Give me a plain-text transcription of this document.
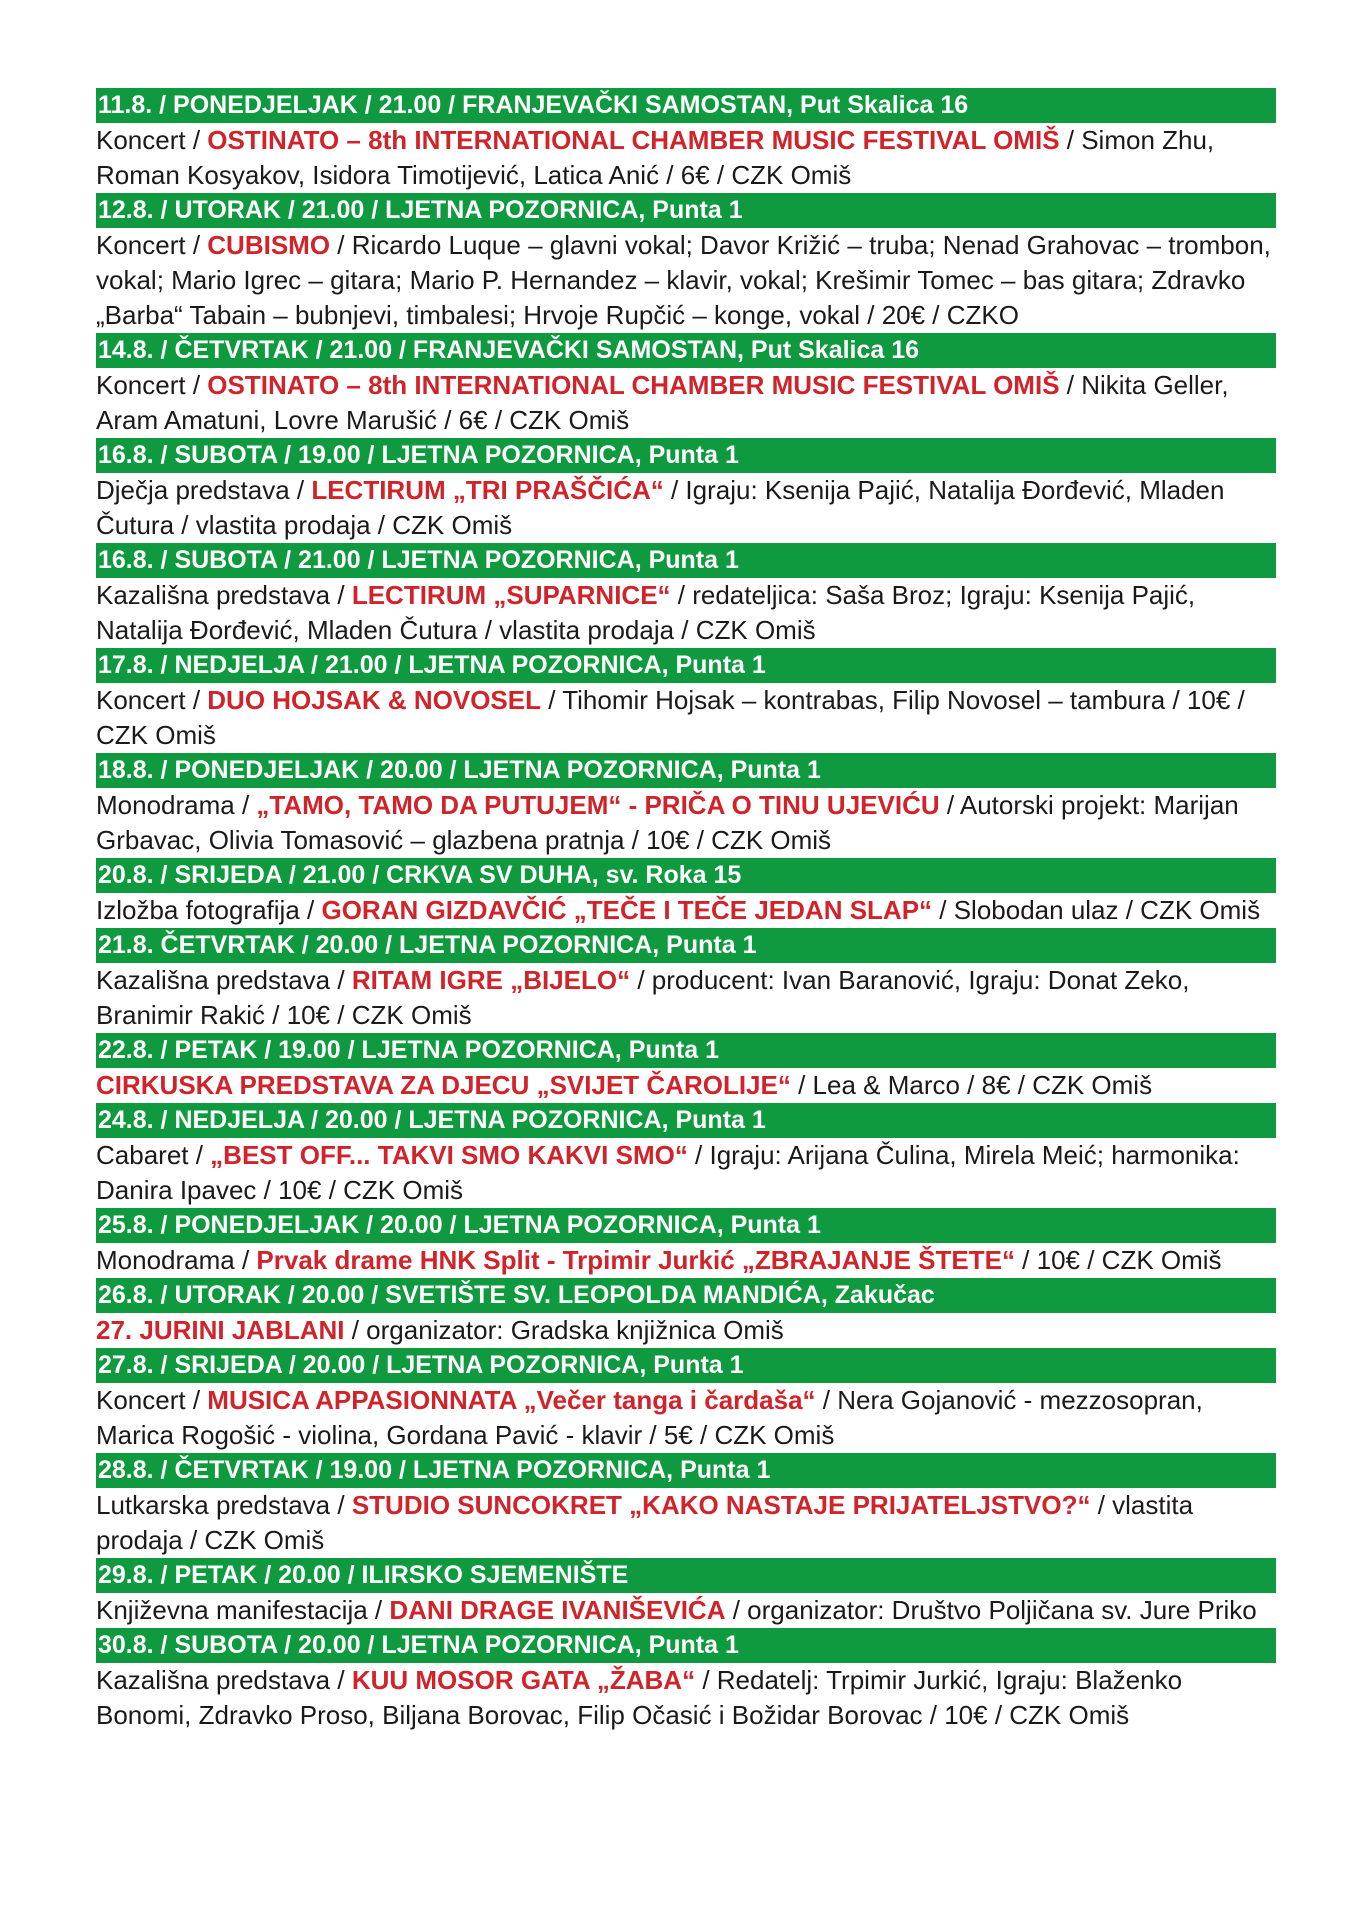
11.8. / PONEDJELJAK / 21.00 / FRANJEVAČKI SAMOSTAN, Put Skalica 16

Koncert / OSTINATO – 8th INTERNATIONAL CHAMBER MUSIC FESTIVAL OMIŠ / Simon Zhu, Roman Kosyakov, Isidora Timotijević, Latica Anić / 6€ / CZK Omiš

12.8. / UTORAK / 21.00 / LJETNA POZORNICA, Punta 1

Koncert / CUBISMO / Ricardo Luque – glavni vokal; Davor Križić – truba; Nenad Grahovac – trombon, vokal; Mario Igrec – gitara; Mario P. Hernandez – klavir, vokal; Krešimir Tomec – bas gitara; Zdravko „Barba“ Tabain – bubnjevi, timbalesi; Hrvoje Rupčić – konge, vokal / 20€ / CZKO

14.8. / ČETVRTAK / 21.00 / FRANJEVAČKI SAMOSTAN, Put Skalica 16

Koncert / OSTINATO – 8th INTERNATIONAL CHAMBER MUSIC FESTIVAL OMIŠ / Nikita Geller, Aram Amatuni, Lovre Marušić / 6€ / CZK Omiš

16.8. / SUBOTA / 19.00 / LJETNA POZORNICA, Punta 1

Dječja predstava / LECTIRUM „TRI PRAŠČIĆA“ / Igraju: Ksenija Pajić, Natalija Đorđević, Mladen Čutura / vlastita prodaja / CZK Omiš

16.8. / SUBOTA / 21.00 / LJETNA POZORNICA, Punta 1

Kazališna predstava / LECTIRUM „SUPARNICE“ / redateljica: Saša Broz; Igraju: Ksenija Pajić, Natalija Đorđević, Mladen Čutura / vlastita prodaja / CZK Omiš

17.8. / NEDJELJA / 21.00 / LJETNA POZORNICA, Punta 1

Koncert / DUO HOJSAK & NOVOSEL / Tihomir Hojsak – kontrabas, Filip Novosel – tambura / 10€ / CZK Omiš

18.8. / PONEDJELJAK / 20.00 / LJETNA POZORNICA, Punta 1

Monodrama / „TAMO, TAMO DA PUTUJEM“ - PRIČA O TINU UJEVIĆU / Autorski projekt: Marijan Grbavac, Olivia Tomasović – glazbena pratnja / 10€ / CZK Omiš

20.8. / SRIJEDA / 21.00 / CRKVA SV DUHA, sv. Roka 15

Izložba fotografija / GORAN GIZDAVČIĆ „TEČE I TEČE JEDAN SLAP“ / Slobodan ulaz / CZK Omiš

21.8. ČETVRTAK / 20.00 / LJETNA POZORNICA, Punta 1

Kazališna predstava / RITAM IGRE „BIJELO“ / producent: Ivan Baranović, Igraju: Donat Zeko, Branimir Rakić / 10€ / CZK Omiš

22.8. / PETAK / 19.00 / LJETNA POZORNICA, Punta 1

CIRKUSKA PREDSTAVA ZA DJECU „SVIJET ČAROLIJE“ / Lea & Marco / 8€ / CZK Omiš

24.8. / NEDJELJA / 20.00 / LJETNA POZORNICA, Punta 1

Cabaret / „BEST OFF... TAKVI SMO KAKVI SMO“ / Igraju: Arijana Čulina, Mirela Meić; harmonika: Danira Ipavec / 10€ / CZK Omiš

25.8. / PONEDJELJAK / 20.00 / LJETNA POZORNICA, Punta 1

Monodrama / Prvak drame HNK Split - Trpimir Jurkić „ZBRAJANJE ŠTETE“ / 10€ / CZK Omiš

26.8. / UTORAK / 20.00 / SVETIŠTE SV. LEOPOLDA MANDIĆA, Zakučac

27. JURINI JABLANI / organizator: Gradska knjižnica Omiš

27.8. / SRIJEDA / 20.00 / LJETNA POZORNICA, Punta 1

Koncert / MUSICA APPASIONNATA „Večer tanga i čardaša“ / Nera Gojanović - mezzosopran, Marica Rogošić - violina, Gordana Pavić - klavir / 5€ / CZK Omiš

28.8. / ČETVRTAK / 19.00 / LJETNA POZORNICA, Punta 1

Lutkarska predstava / STUDIO SUNCOKRET „KAKO NASTAJE PRIJATELJSTVO?“ / vlastita prodaja / CZK Omiš

29.8. / PETAK / 20.00 / ILIRSKO SJEMENIŠTE

Književna manifestacija / DANI DRAGE IVANIŠEVIĆA / organizator: Društvo Poljičana sv. Jure Priko

30.8. / SUBOTA / 20.00 / LJETNA POZORNICA, Punta 1

Kazališna predstava / KUU MOSOR GATA „ŽABA“ / Redatelj: Trpimir Jurkić, Igraju: Blaženko Bonomi, Zdravko Proso, Biljana Borovac, Filip Očasić i Božidar Borovac / 10€ / CZK Omiš
